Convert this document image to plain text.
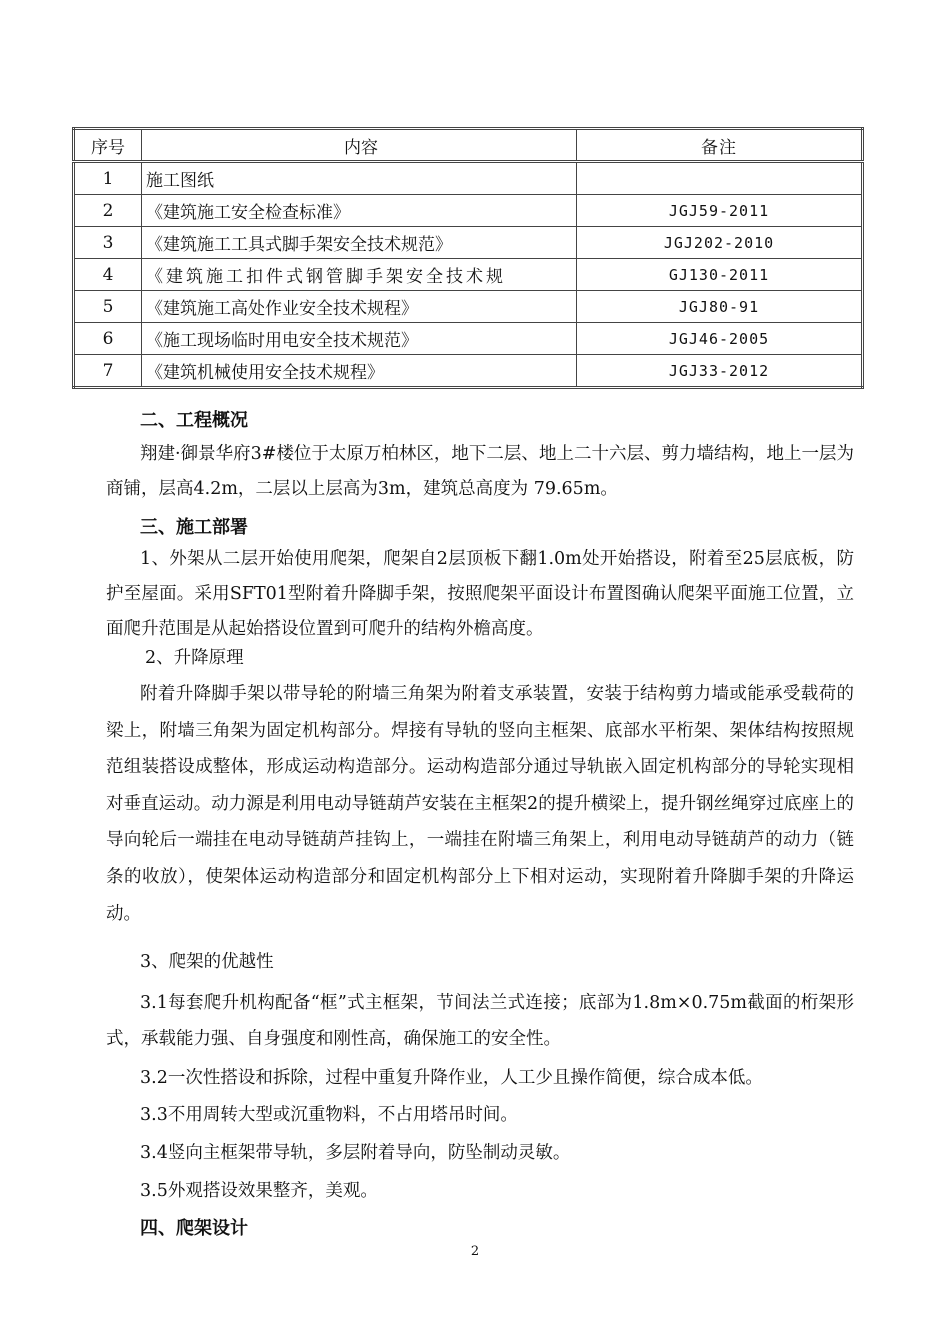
序号	内容	备注
1	施工图纸	
2	《建筑施工安全检查标准》	JGJ59-2011
3	《建筑施工工具式脚手架安全技术规范》	JGJ202-2010
4	《建筑施工扣件式钢管脚手架安全技术规	GJ130-2011
5	《建筑施工高处作业安全技术规程》	JGJ80-91
6	《施工现场临时用电安全技术规范》	JGJ46-2005
7	《建筑机械使用安全技术规程》	JGJ33-2012
二、工程概况

翔建·御景华府3#楼位于太原万柏林区，地下二层、地上二十六层、剪力墙结构，地上一层为商铺，层高4.2m，二层以上层高为3m，建筑总高度为 79.65m。

三、施工部署

1、外架从二层开始使用爬架，爬架自2层顶板下翻1.0m处开始搭设，附着至25层底板，防护至屋面。采用SFT01型附着升降脚手架，按照爬架平面设计布置图确认爬架平面施工位置，立面爬升范围是从起始搭设位置到可爬升的结构外檐高度。

2、升降原理

附着升降脚手架以带导轮的附墙三角架为附着支承装置，安装于结构剪力墙或能承受载荷的梁上，附墙三角架为固定机构部分。焊接有导轨的竖向主框架、底部水平桁架、架体结构按照规范组装搭设成整体，形成运动构造部分。运动构造部分通过导轨嵌入固定机构部分的导轮实现相对垂直运动。动力源是利用电动导链葫芦安装在主框架2的提升横梁上，提升钢丝绳穿过底座上的导向轮后一端挂在电动导链葫芦挂钩上，一端挂在附墙三角架上，利用电动导链葫芦的动力（链条的收放），使架体运动构造部分和固定机构部分上下相对运动，实现附着升降脚手架的升降运动。

3、爬架的优越性

3.1每套爬升机构配备“框”式主框架，节间法兰式连接；底部为1.8m×0.75m截面的桁架形式，承载能力强、自身强度和刚性高，确保施工的安全性。

3.2一次性搭设和拆除，过程中重复升降作业，人工少且操作简便，综合成本低。

3.3不用周转大型或沉重物料，不占用塔吊时间。

3.4竖向主框架带导轨，多层附着导向，防坠制动灵敏。

3.5外观搭设效果整齐，美观。

四、爬架设计
2
